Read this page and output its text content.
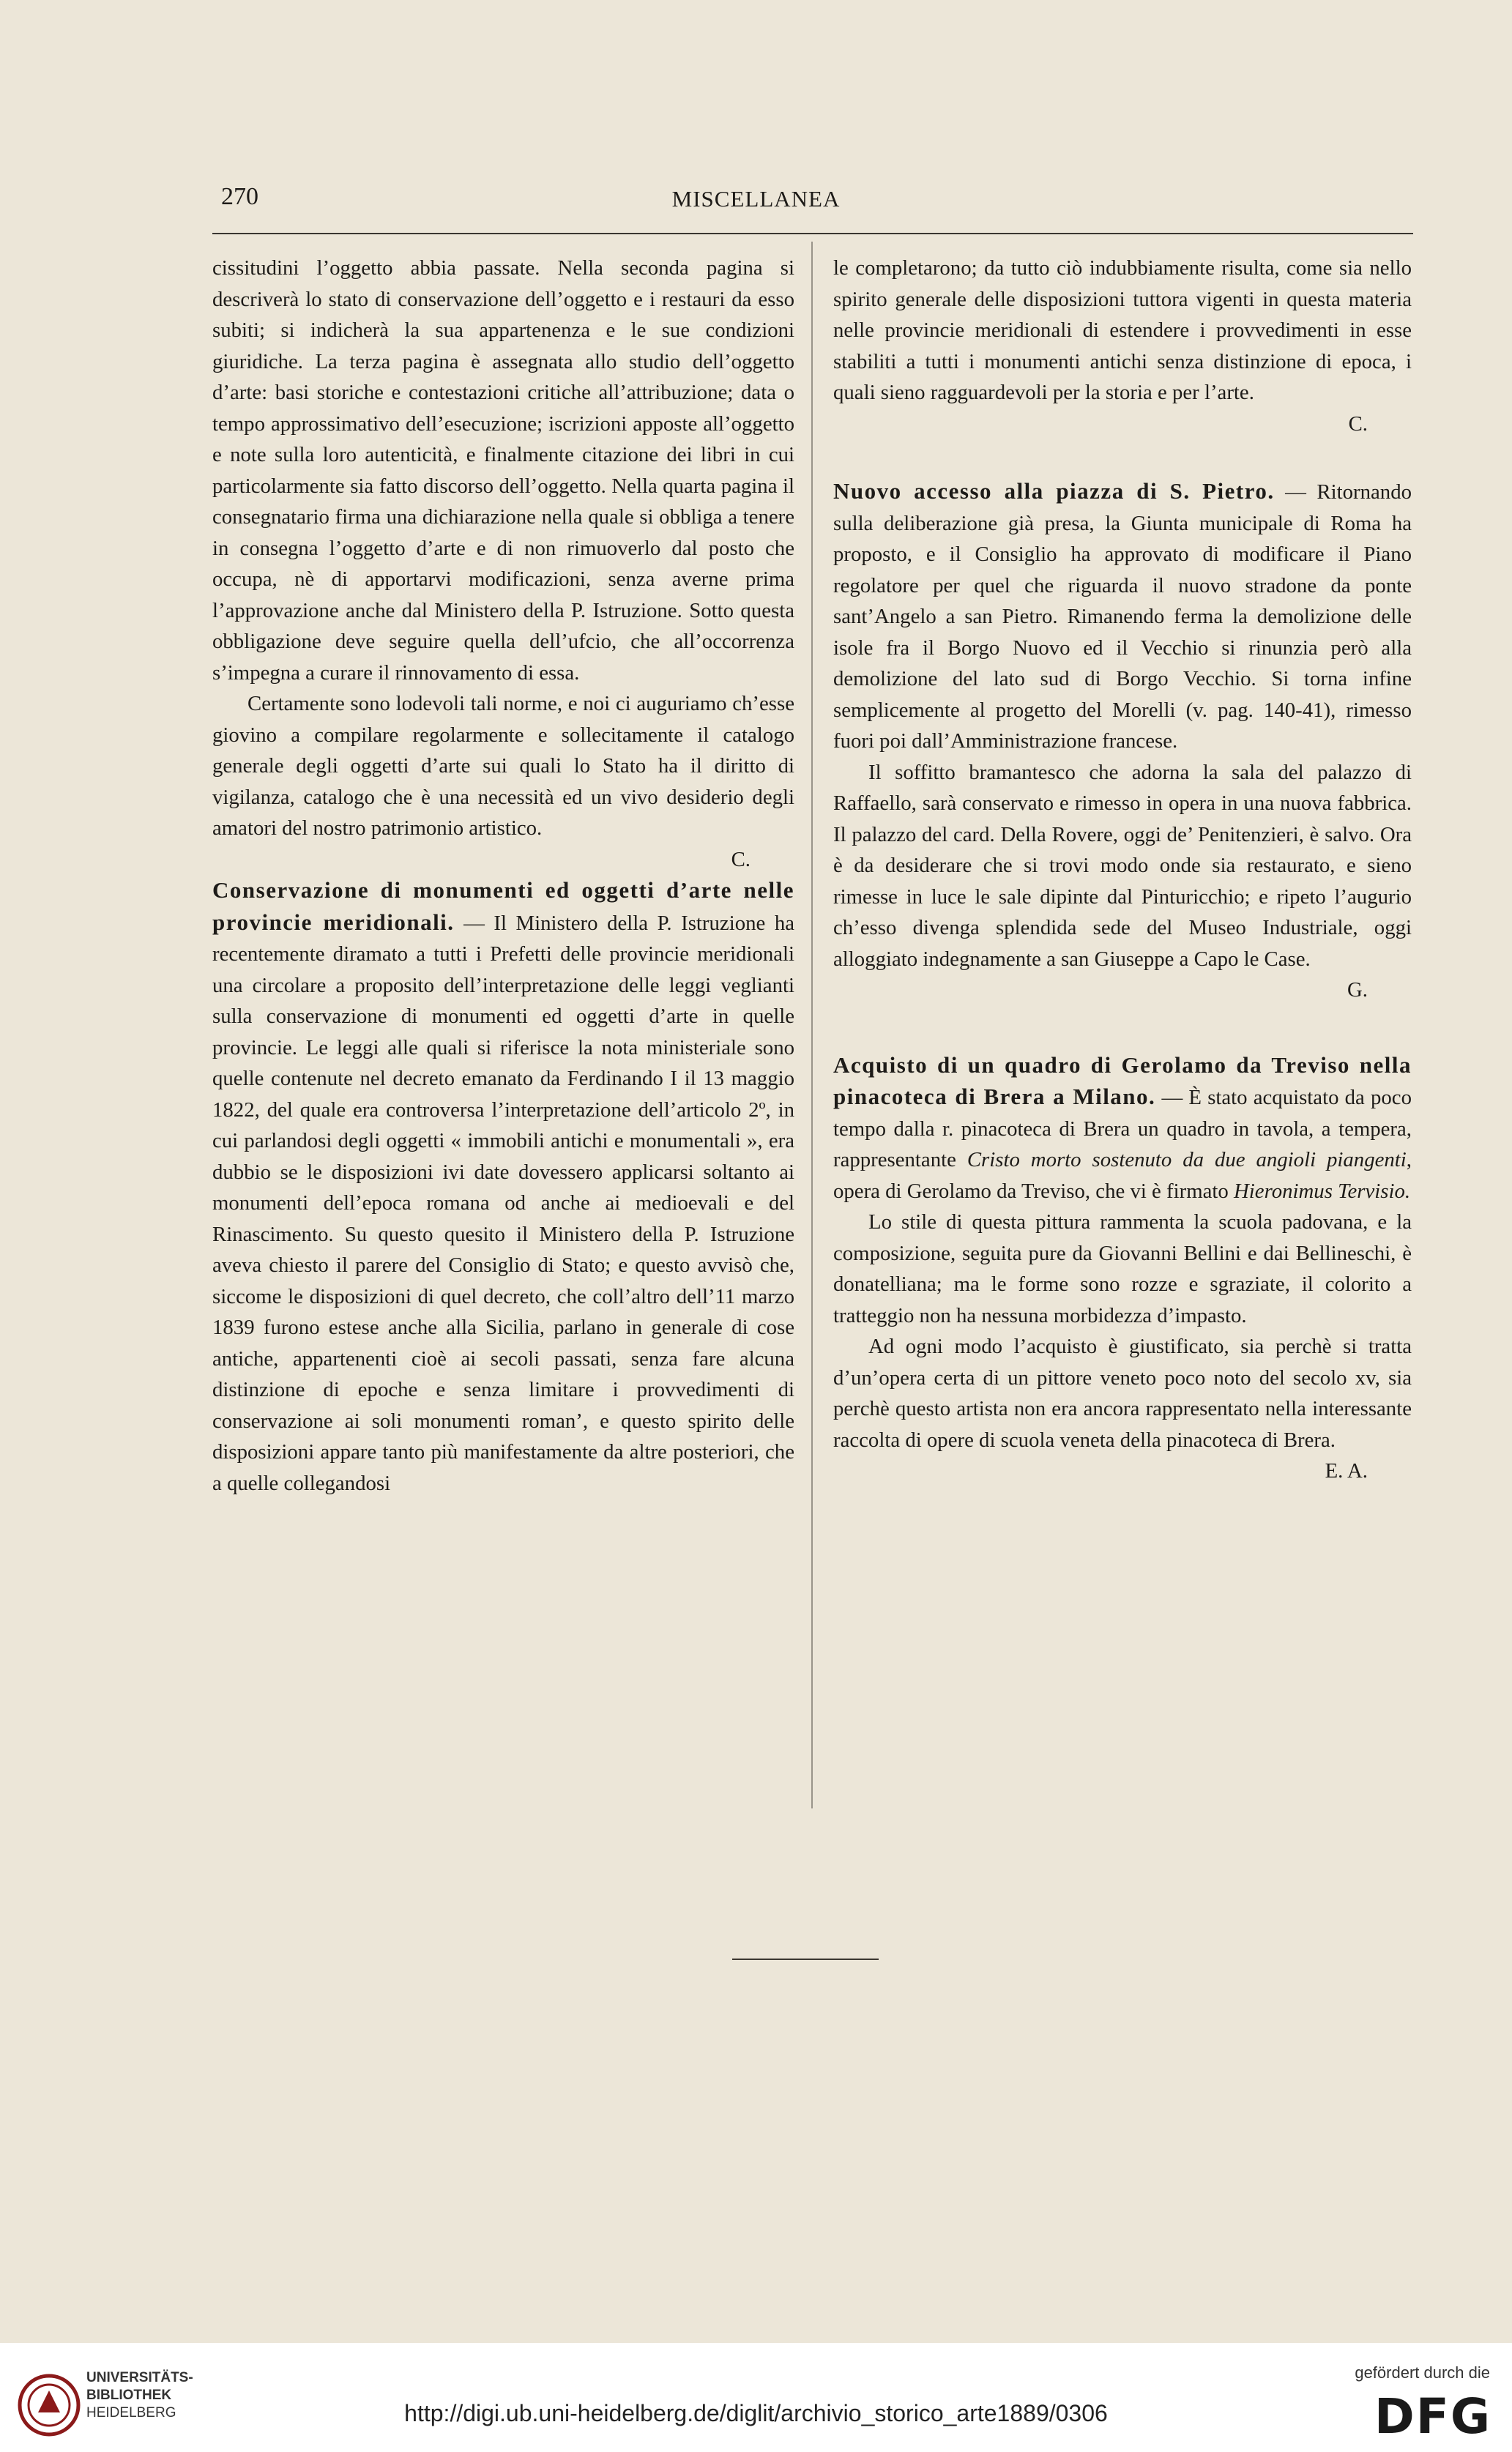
270	MISCELLANEA

cissitudini l’oggetto abbia passate. Nella seconda pagina si descriverà lo stato di conservazione dell’oggetto e i restauri da esso subiti; si indicherà la sua appartenenza e le sue condizioni giuridiche. La terza pagina è assegnata allo studio dell’oggetto d’arte: basi storiche e contestazioni critiche all’attribuzione; data o tempo approssimativo dell’esecuzione; iscrizioni apposte all’oggetto e note sulla loro autenticità, e finalmente citazione dei libri in cui particolarmente sia fatto discorso dell’oggetto. Nella quarta pagina il consegnatario firma una dichiarazione nella quale si obbliga a tenere in consegna l’oggetto d’arte e di non rimuoverlo dal posto che occupa, nè di apportarvi modificazioni, senza averne prima l’approvazione anche dal Ministero della P. Istruzione. Sotto questa obbligazione deve seguire quella dell’ufcio, che all’occorrenza s’impegna a curare il rinnovamento di essa.

Certamente sono lodevoli tali norme, e noi ci auguriamo ch’esse giovino a compilare regolarmente e sollecitamente il catalogo generale degli oggetti d’arte sui quali lo Stato ha il diritto di vigilanza, catalogo che è una necessità ed un vivo desiderio degli amatori del nostro patrimonio artistico.

C.

Conservazione di monumenti ed oggetti d’arte nelle provincie meridionali. — Il Ministero della P. Istruzione ha recentemente diramato a tutti i Prefetti delle provincie meridionali una circolare a proposito dell’interpretazione delle leggi veglianti sulla conservazione di monumenti ed oggetti d’arte in quelle provincie. Le leggi alle quali si riferisce la nota ministeriale sono quelle contenute nel decreto emanato da Ferdinando I il 13 maggio 1822, del quale era controversa l’interpretazione dell’articolo 2º, in cui parlandosi degli oggetti « immobili antichi e monumentali », era dubbio se le disposizioni ivi date dovessero applicarsi soltanto ai monumenti dell’epoca romana od anche ai medioevali e del Rinascimento. Su questo quesito il Ministero della P. Istruzione aveva chiesto il parere del Consiglio di Stato; e questo avvisò che, siccome le disposizioni di quel decreto, che coll’altro dell’11 marzo 1839 furono estese anche alla Sicilia, parlano in generale di cose antiche, appartenenti cioè ai secoli passati, senza fare alcuna distinzione di epoche e senza limitare i provvedimenti di conservazione ai soli monumenti roman’, e questo spirito delle disposizioni appare tanto più manifestamente da altre posteriori, che a quelle collegandosi

le completarono; da tutto ciò indubbiamente risulta, come sia nello spirito generale delle disposizioni tuttora vigenti in questa materia nelle provincie meridionali di estendere i provvedimenti in esse stabiliti a tutti i monumenti antichi senza distinzione di epoca, i quali sieno ragguardevoli per la storia e per l’arte.

C.

Nuovo accesso alla piazza di S. Pietro. — Ritornando sulla deliberazione già presa, la Giunta municipale di Roma ha proposto, e il Consiglio ha approvato di modificare il Piano regolatore per quel che riguarda il nuovo stradone da ponte sant’Angelo a san Pietro. Rimanendo ferma la demolizione delle isole fra il Borgo Nuovo ed il Vecchio si rinunzia però alla demolizione del lato sud di Borgo Vecchio. Si torna infine semplicemente al progetto del Morelli (v. pag. 140-41), rimesso fuori poi dall’Amministrazione francese.

Il soffitto bramantesco che adorna la sala del palazzo di Raffaello, sarà conservato e rimesso in opera in una nuova fabbrica. Il palazzo del card. Della Rovere, oggi de’ Penitenzieri, è salvo. Ora è da desiderare che si trovi modo onde sia restaurato, e sieno rimesse in luce le sale dipinte dal Pinturicchio; e ripeto l’augurio ch’esso divenga splendida sede del Museo Industriale, oggi alloggiato indegnamente a san Giuseppe a Capo le Case.

G.

Acquisto di un quadro di Gerolamo da Treviso nella pinacoteca di Brera a Milano. — È stato acquistato da poco tempo dalla r. pinacoteca di Brera un quadro in tavola, a tempera, rappresentante Cristo morto sostenuto da due angioli piangenti, opera di Gerolamo da Treviso, che vi è firmato Hieronimus Tervisio.

Lo stile di questa pittura rammenta la scuola padovana, e la composizione, seguita pure da Giovanni Bellini e dai Bellineschi, è donatelliana; ma le forme sono rozze e sgraziate, il colorito a tratteggio non ha nessuna morbidezza d’impasto.

Ad ogni modo l’acquisto è giustificato, sia perchè si tratta d’un’opera certa di un pittore veneto poco noto del secolo xv, sia perchè questo artista non era ancora rappresentato nella interessante raccolta di opere di scuola veneta della pinacoteca di Brera.

E. A.

UNIVERSITÄTS-
BIBLIOTHEK
HEIDELBERG	http://digi.ub.uni-heidelberg.de/diglit/archivio_storico_arte1889/0306
gefördert durch die
DFG
